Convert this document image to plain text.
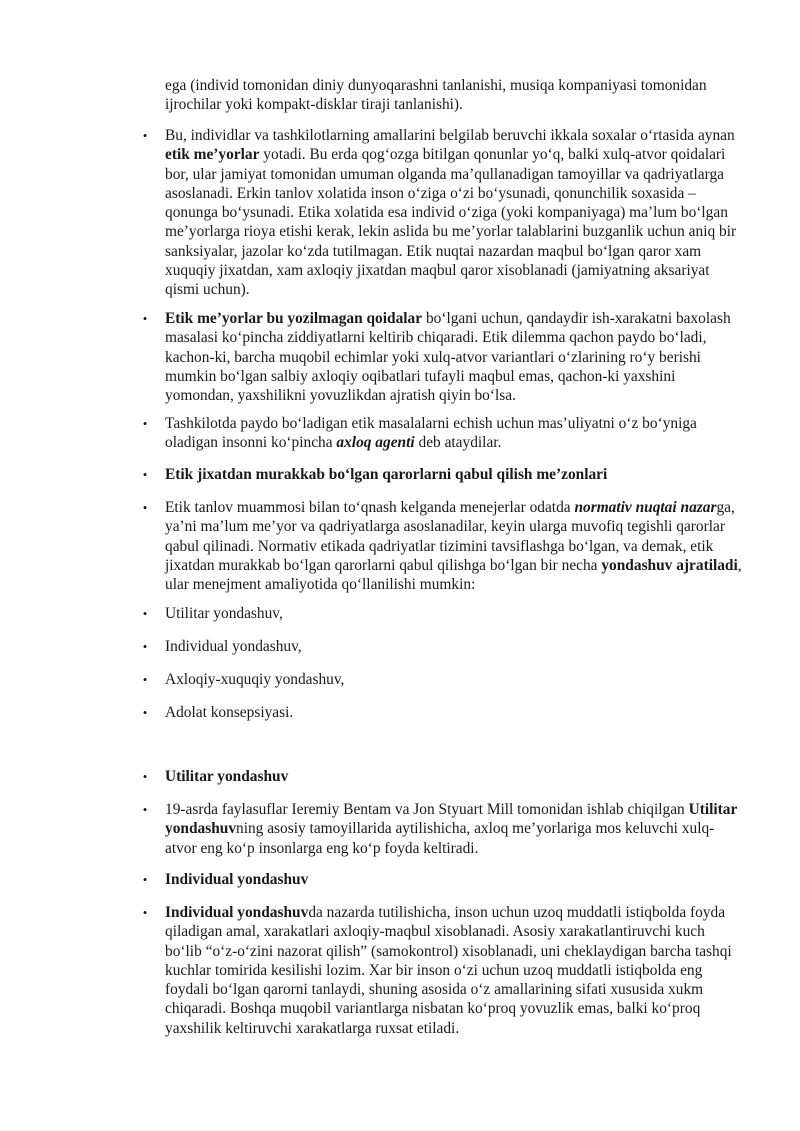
ega (individ tomonidan diniy dunyoqarashni tanlanishi, musiqa kompaniyasi tomonidan ijrochilar yoki kompakt-disklar tiraji tanlanishi).

•	Bu, individlar va tashkilotlarning amallarini belgilab beruvchi ikkala soxalar o‘rtasida aynan etik me’yorlar yotadi. Bu erda qog‘ozga bitilgan qonunlar yo‘q, balki xulq-atvor qoidalari bor, ular jamiyat tomonidan umuman olganda ma’qullanadigan tamoyillar va qadriyatlarga asoslanadi. Erkin tanlov xolatida inson o‘ziga o‘zi bo‘ysunadi, qonunchilik soxasida – qonunga bo‘ysunadi. Etika xolatida esa individ o‘ziga (yoki kompaniyaga) ma’lum bo‘lgan me’yorlarga rioya etishi kerak, lekin aslida bu me’yorlar talablarini buzganlik uchun aniq bir sanksiyalar, jazolar ko‘zda tutilmagan. Etik nuqtai nazardan maqbul bo‘lgan qaror xam xuquqiy jixatdan, xam axloqiy jixatdan maqbul qaror xisoblanadi (jamiyatning aksariyat qismi uchun).

•	Etik me’yorlar bu yozilmagan qoidalar bo‘lgani uchun, qandaydir ish-xarakatni baxolash masalasi ko‘pincha ziddiyatlarni keltirib chiqaradi. Etik dilemma qachon paydo bo‘ladi, kachon-ki, barcha muqobil echimlar yoki xulq-atvor variantlari o‘zlarining ro‘y berishi mumkin bo‘lgan salbiy axloqiy oqibatlari tufayli maqbul emas, qachon-ki yaxshini yomondan, yaxshilikni yovuzlikdan ajratish qiyin bo‘lsa.

•	Tashkilotda paydo bo‘ladigan etik masalalarni echish uchun mas’uliyatni o‘z bo‘yniga oladigan insonni ko‘pincha axloq agenti deb ataydilar.

•	Etik jixatdan murakkab bo‘lgan qarorlarni qabul qilish me’zonlari

•	Etik tanlov muammosi bilan to‘qnash kelganda menejerlar odatda normativ nuqtai nazarga, ya’ni ma’lum me’yor va qadriyatlarga asoslanadilar, keyin ularga muvofiq tegishli qarorlar qabul qilinadi. Normativ etikada qadriyatlar tizimini tavsiflashga bo‘lgan, va demak, etik jixatdan murakkab bo‘lgan qarorlarni qabul qilishga bo‘lgan bir necha yondashuv ajratiladi, ular menejment amaliyotida qo‘llanilishi mumkin:

•	Utilitar yondashuv,

•	Individual yondashuv,

•	Axloqiy-xuquqiy yondashuv,

•	Adolat konsepsiyasi.

•	Utilitar yondashuv

•	19-asrda faylasuflar Ieremiy Bentam va Jon Styuart Mill tomonidan ishlab chiqilgan Utilitar yondashuvning asosiy tamoyillarida aytilishicha, axloq me’yorlariga mos keluvchi xulq-atvor eng ko‘p insonlarga eng ko‘p foyda keltiradi.

•	Individual yondashuv

•	Individual yondashuvda nazarda tutilishicha, inson uchun uzoq muddatli istiqbolda foyda qiladigan amal, xarakatlari axloqiy-maqbul xisoblanadi. Asosiy xarakatlantiruvchi kuch bo‘lib “o‘z-o‘zini nazorat qilish” (samokontrol) xisoblanadi, uni cheklaydigan barcha tashqi kuchlar tomirida kesilishi lozim. Xar bir inson o‘zi uchun uzoq muddatli istiqbolda eng foydali bo‘lgan qarorni tanlaydi, shuning asosida o‘z amallarining sifati xususida xukm chiqaradi. Boshqa muqobil variantlarga nisbatan ko‘proq yovuzlik emas, balki ko‘proq yaxshilik keltiruvchi xarakatlarga ruxsat etiladi.
